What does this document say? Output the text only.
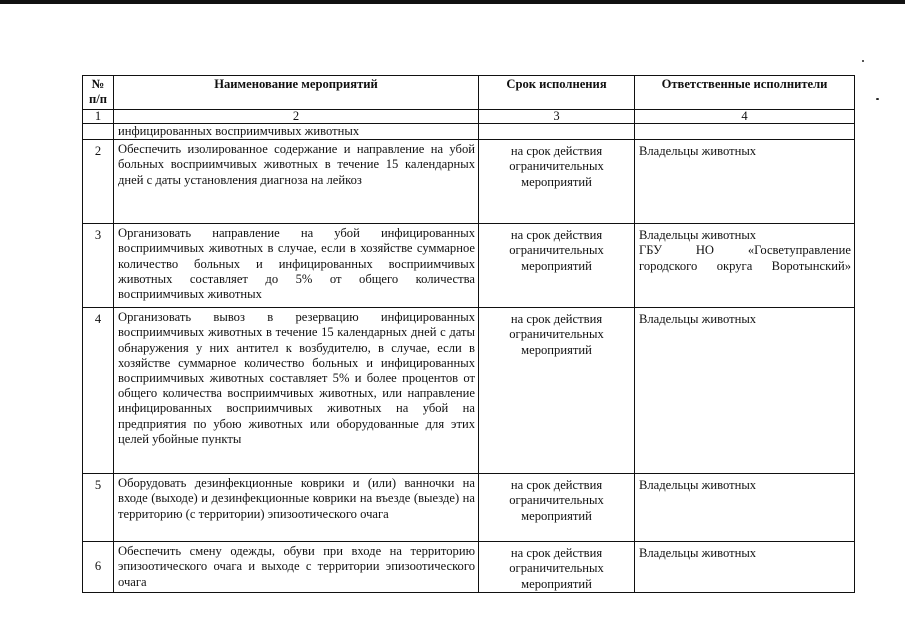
№ п/п	Наименование мероприятий	Срок исполнения	Ответственные исполнители
1	2	3	4
	инфицированных восприимчивых животных		
2	Обеспечить изолированное содержание и направление на убой больных восприимчивых животных в течение 15 календарных дней с даты установления диагноза на лейкоз	на срок действия ограничительных мероприятий	Владельцы животных
3	Организовать направление на убой инфицированных восприимчивых животных в случае, если в хозяйстве суммарное количество больных и инфицированных восприимчивых животных составляет до 5% от общего количества восприимчивых животных	на срок действия ограничительных мероприятий	Владельцы животных
ГБУ НО «Госветуправление городского округа Воротынский»

4	Организовать вывоз в резервацию инфицированных восприимчивых животных в течение 15 календарных дней с даты обнаружения у них антител к возбудителю, в случае, если в хозяйстве суммарное количество больных и инфицированных восприимчивых животных составляет 5% и более процентов от общего количества восприимчивых животных, или направление инфицированных восприимчивых животных на убой на предприятия по убою животных или оборудованные для этих целей убойные пункты	на срок действия ограничительных мероприятий	Владельцы животных
5	Оборудовать дезинфекционные коврики и (или) ванночки на входе (выходе) и дезинфекционные коврики на въезде (выезде) на территорию (с территории) эпизоотического очага	на срок действия ограничительных мероприятий	Владельцы животных
6	Обеспечить смену одежды, обуви при входе на территорию эпизоотического очага и выходе с территории эпизоотического очага	на срок действия ограничительных мероприятий	Владельцы животных
